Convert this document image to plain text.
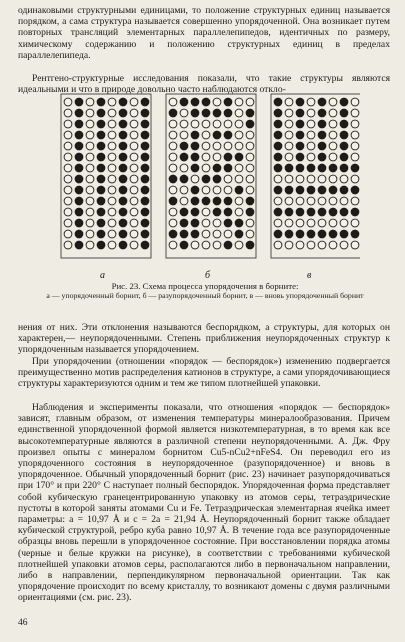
одинаковыми структурными единицами, то положение структурных единиц называется порядком, а сама структура называется совершенно упорядоченной. Она возникает путем повторных трансляций элементарных параллелепипедов, идентичных по размеру, химическому содержанию и положению структурных единиц в пределах параллелепипеда.

Рентгено-структурные исследования показали, что такие структуры являются идеальными и что в природе довольно часто наблюдаются откло-

а	б	в
Рис. 23. Схема процесса упорядочения в борните:
а — упорядоченный борнит, б — разупорядоченный борнит, в — вновь упорядоченный борнит

нения от них. Эти отклонения называются беспорядком, а структуры, для которых он характерен,— неупорядоченными. Степень приближения неупорядоченных структур к упорядоченным называется упорядочением.

При упорядочении (отношении «порядок — беспорядок») изменению подвергается преимущественно мотив распределения катионов в структуре, а сами упорядочивающиеся структуры характеризуются одним и тем же типом плотнейшей упаковки.

Наблюдения и эксперименты показали, что отношения «порядок — беспорядок» зависят, главным образом, от изменения температуры минералообразования. Причем единственной упорядоченной формой является низкотемпературная, в то время как все высокотемпературные являются в различной степени неупорядоченными. А. Дж. Фру произвел опыты с минералом борнитом Cu5-nCu2+nFeS4. Он переводил его из упорядоченного состояния в неупорядоченное (разупорядоченное) и вновь в упорядоченное. Обычный упорядоченный борнит (рис. 23) начинает разупорядочиваться при 170° и при 220° С наступает полный беспорядок. Упорядоченная форма представляет собой кубическую гранецентрированную упаковку из атомов серы, тетраэдрические пустоты в которой заняты атомами Cu и Fe. Тетраэдрическая элементарная ячейка имеет параметры: a = 10,97 Å и c = 2a = 21,94 Å. Неупорядоченный борнит также обладает кубической структурой, ребро куба равно 10,97 Å. В течение года все разупорядоченные образцы вновь перешли в упорядоченное состояние. При восстановлении порядка атомы (черные и белые кружки на рисунке), в соответствии с требованиями кубической плотнейшей упаковки атомов серы, располагаются либо в первоначальном направлении, либо в направлении, перпендикулярном первоначальной ориентации. Так как упорядочение происходит по всему кристаллу, то возникают домены с двумя различными ориентациями (см. рис. 23).

46
